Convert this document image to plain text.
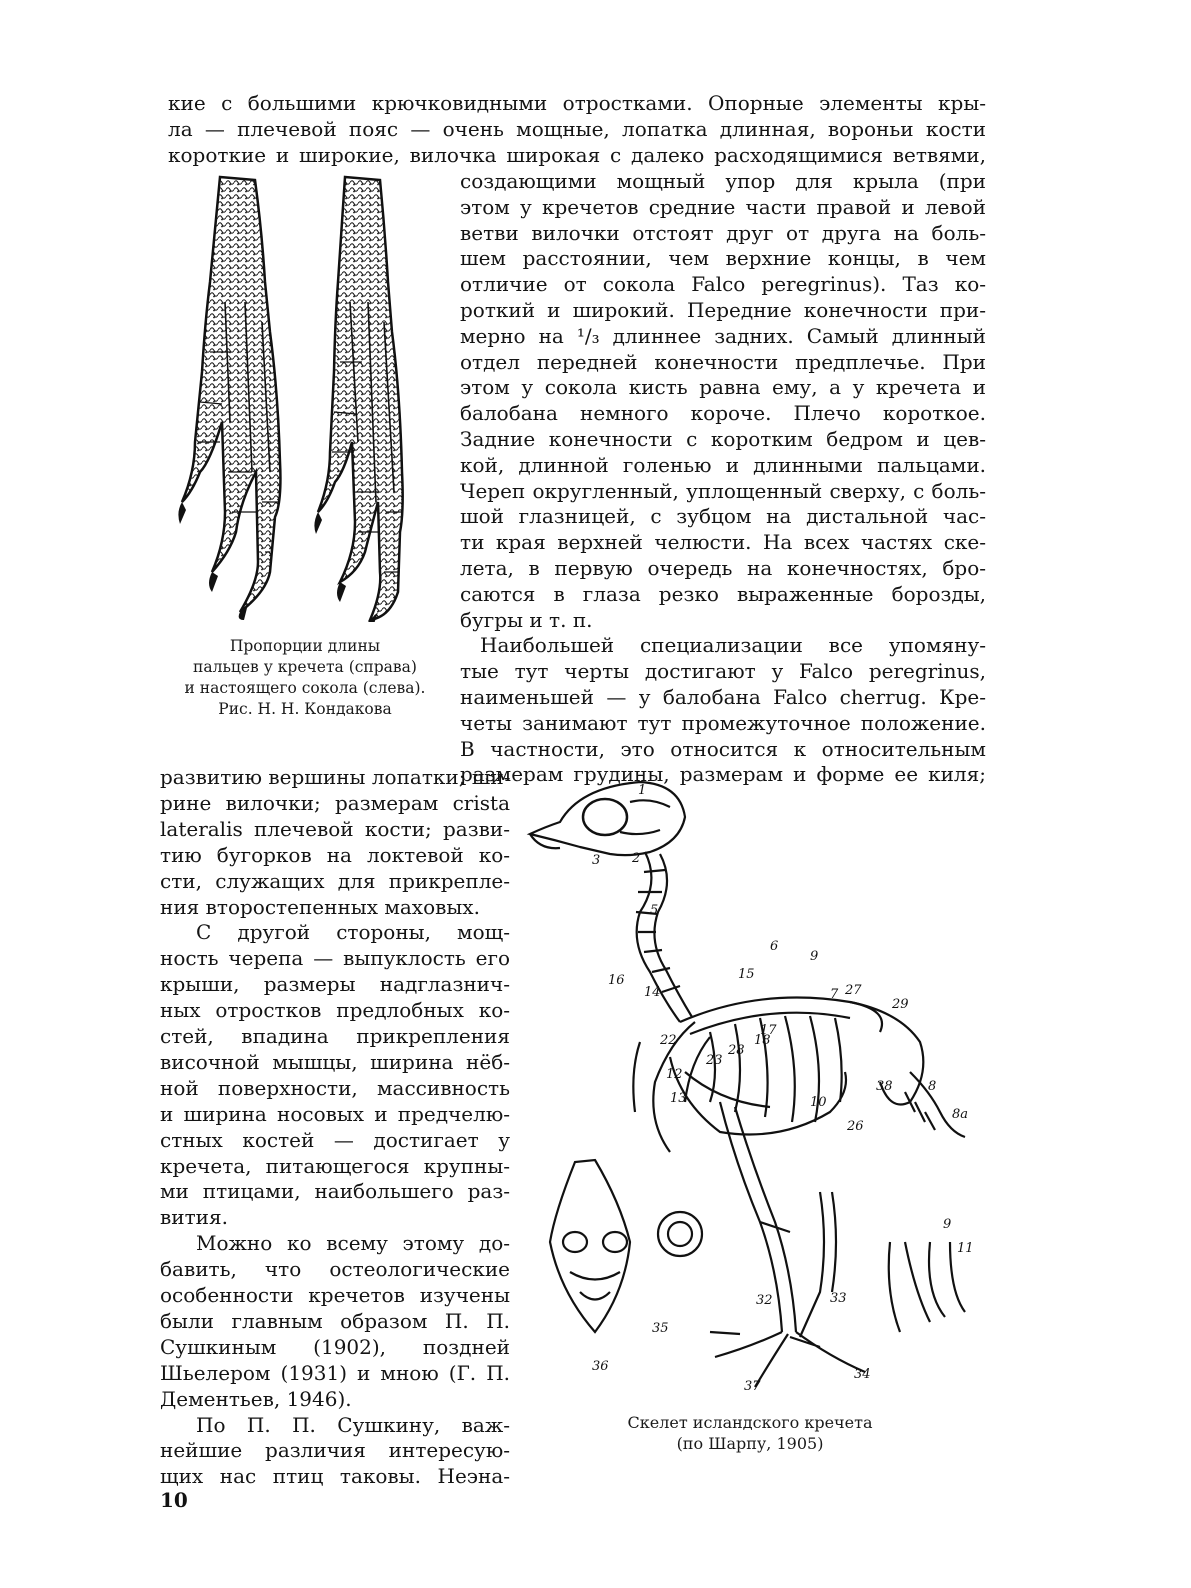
кие с большими крючковидными отростками. Опорные элементы кры-
ла — плечевой пояс — очень мощные, лопатка длинная, вороньи кости
короткие и широкие, вилочка широкая с далеко расходящимися ветвями,
создающими мощный упор для крыла (при
этом у кречетов средние части правой и левой
ветви вилочки отстоят друг от друга на боль-
шем расстоянии, чем верхние концы, в чем
отличие от сокола Falco peregrinus). Таз ко-
роткий и широкий. Передние конечности при-
мерно на ¹/₃ длиннее задних. Самый длинный
отдел передней конечности предплечье. При
этом у сокола кисть равна ему, а у кречета и
балобана немного короче. Плечо короткое.
Задние конечности с коротким бедром и цев-
кой, длинной голенью и длинными пальцами.
Череп округленный, уплощенный сверху, с боль-
шой глазницей, с зубцом на дистальной час-
ти края верхней челюсти. На всех частях ске-
лета, в первую очередь на конечностях, бро-
саются в глаза резко выраженные борозды,
бугры и т. п.
Наибольшей специализации все упомяну-
тые тут черты достигают у Falco peregrinus,
наименьшей — у балобана Falco cherrug. Кре-
четы занимают тут промежуточное положение.
В частности, это относится к относительным
размерам грудины, размерам и форме ее киля;
развитию вершины лопатки; ши-
рине вилочки; размерам crista
lateralis плечевой кости; разви-
тию бугорков на локтевой ко-
сти, служащих для прикрепле-
ния второстепенных маховых.
С другой стороны, мощ-
ность черепа — выпуклость его
крыши, размеры надглазнич-
ных отростков предлобных ко-
стей, впадина прикрепления
височной мышцы, ширина нёб-
ной поверхности, массивность
и ширина носовых и предчелю-
стных костей — достигает у
кречета, питающегося крупны-
ми птицами, наибольшего раз-
вития.
Можно ко всему этому до-
бавить, что остеологические
особенности кречетов изучены
были главным образом П. П.
Сушкиным (1902), поздней
Шьелером (1931) и мною (Г. П.
Дементьев, 1946).
По П. П. Сушкину, важ-
нейшие различия интересую-
щих нас птиц таковы. Неэна-
Пропорции длины
пальцев у кречета (справа)
и настоящего сокола (слева).
Рис. Н. Н. Кондакова
1
2
3
5
6
9
16
14
15
7 27
29
22
17
28
18
23
12
13	10
38
26
8
8a
9
11
32	33
35
36
37
34
Скелет исландского кречета
(по Шарпу, 1905)
10
